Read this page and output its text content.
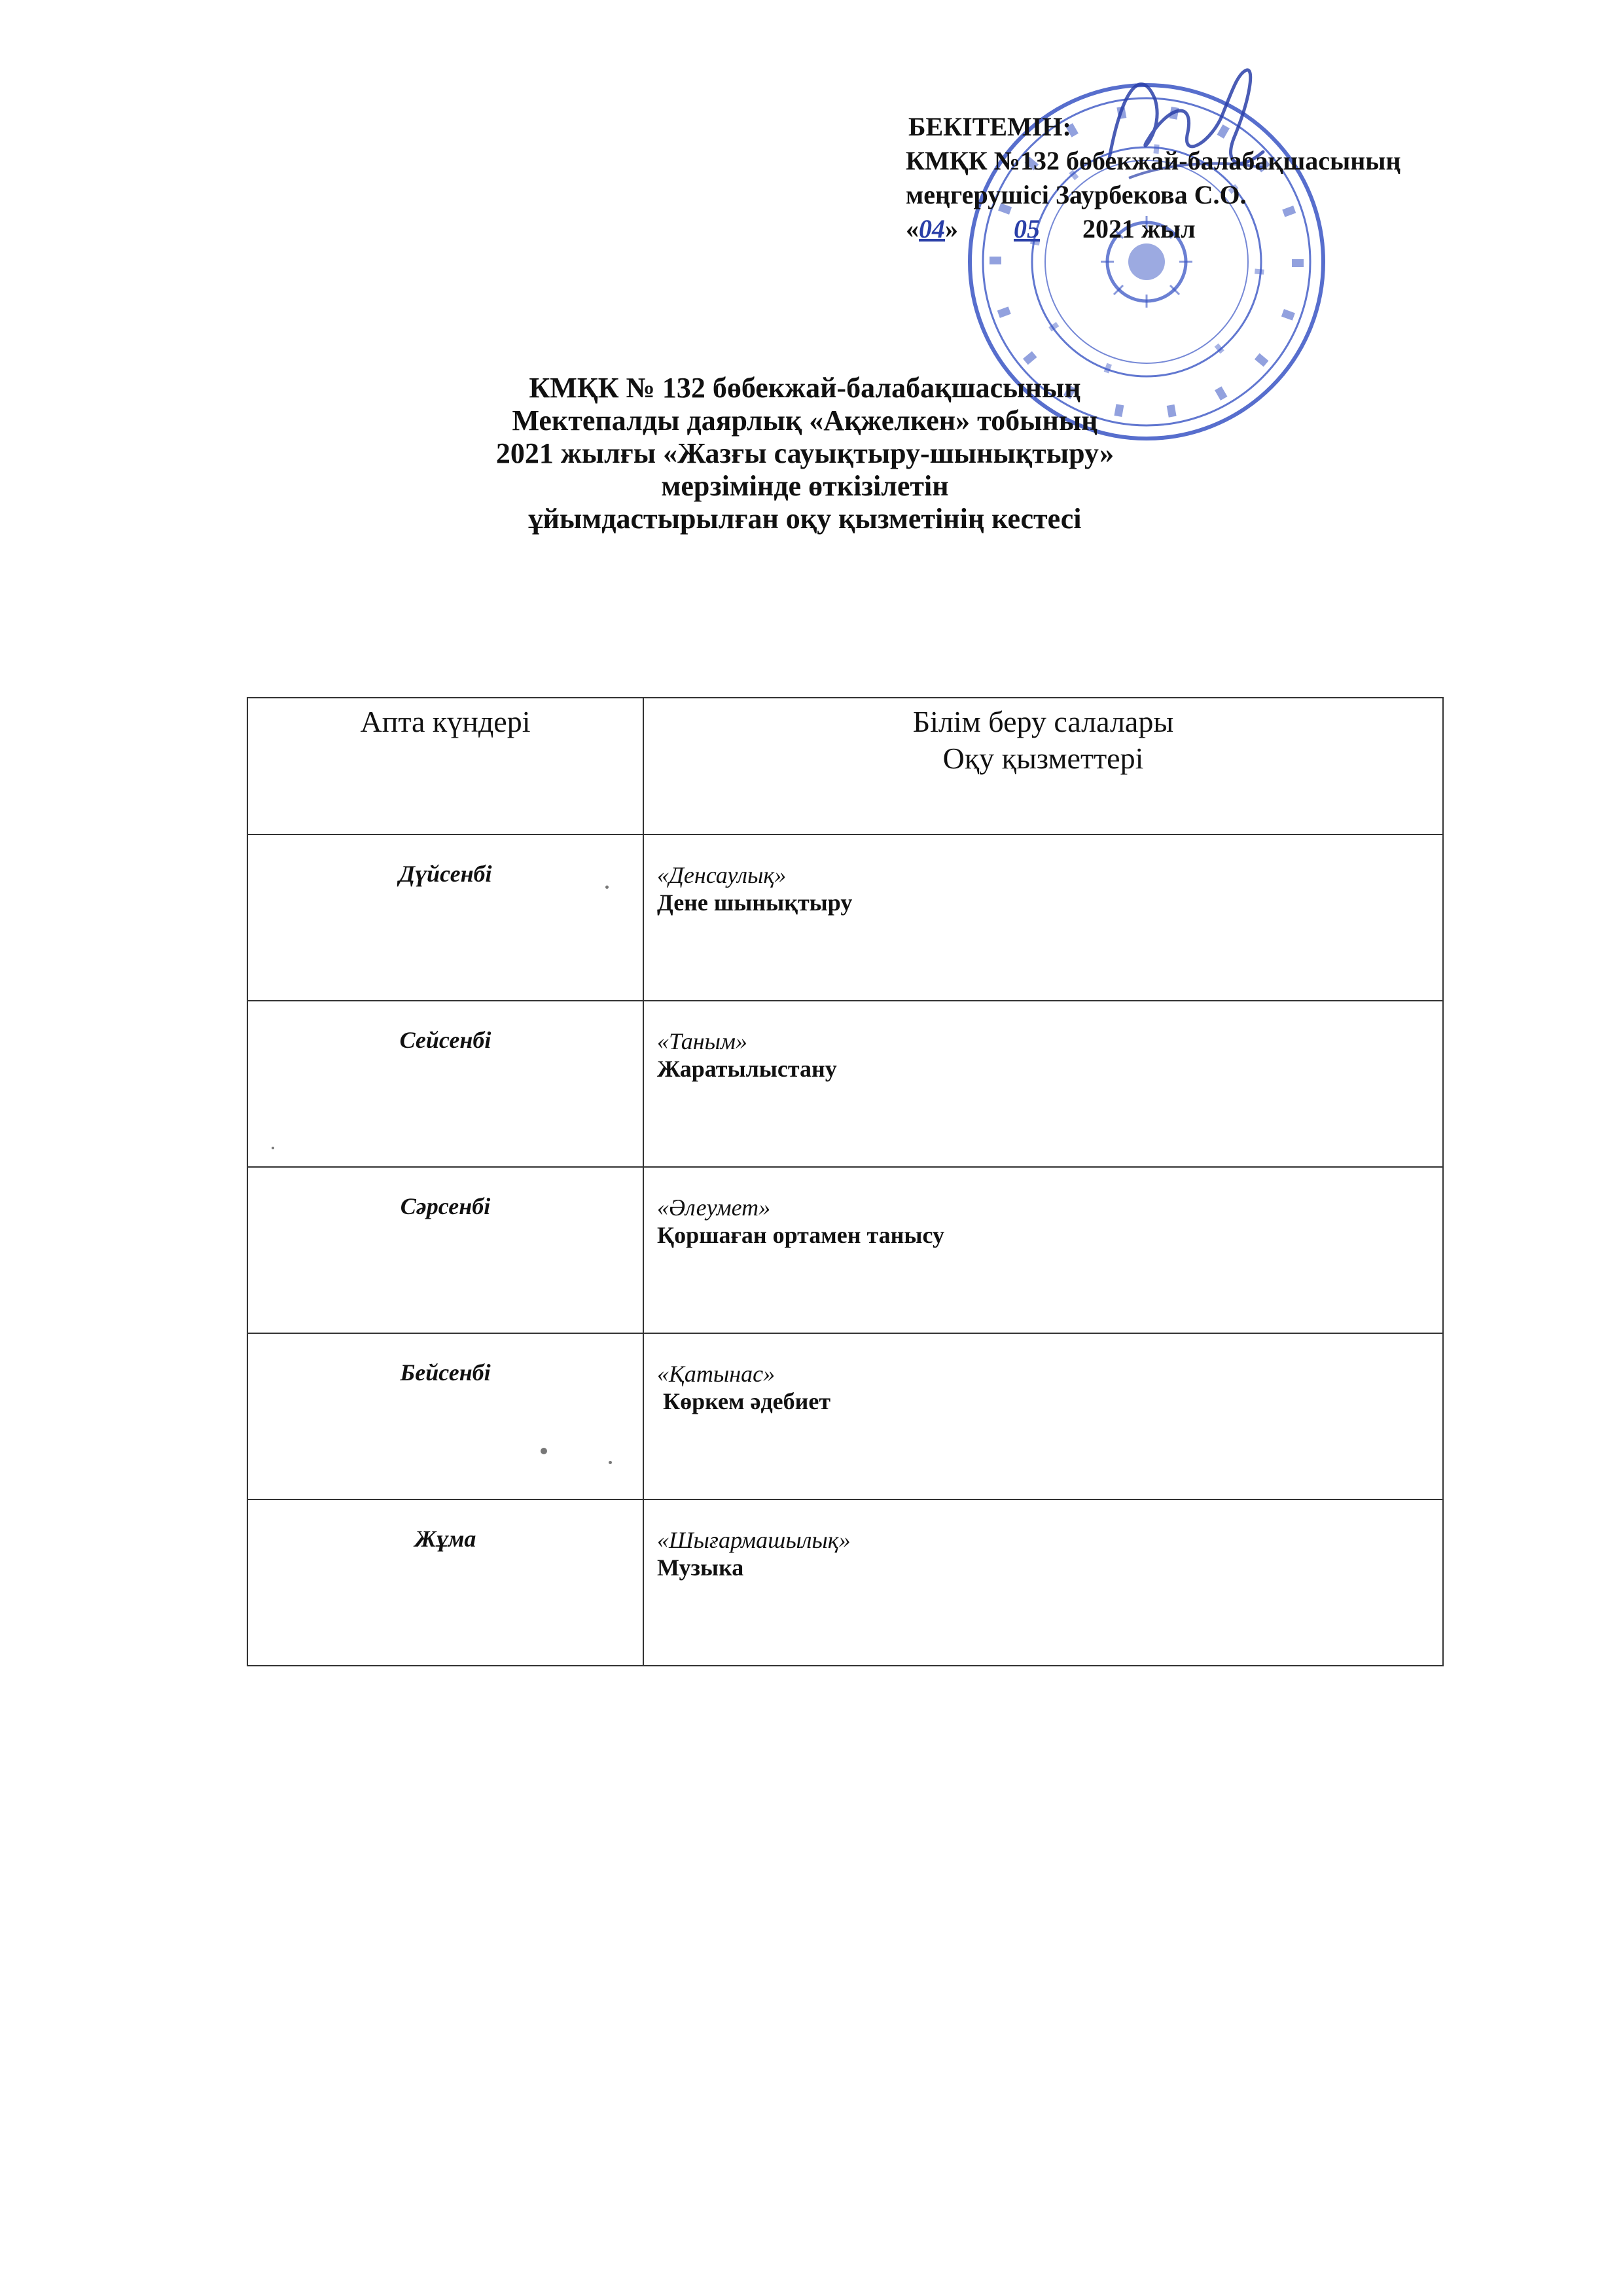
БЕКІТЕМІН:
КМҚК №132 бөбекжай-балабақшасының
меңгерушісі Заурбекова С.О.
«04» 05 2021 жыл
КМҚК № 132 бөбекжай-балабақшасының
Мектепалды даярлық «Ақжелкен» тобының
2021 жылғы «Жазғы сауықтыру-шынықтыру»
мерзімінде өткізілетін
ұйымдастырылған оқу қызметінің кестесі
Апта күндері	Білім беру салалары
Оқу қызметтері

Дүйсенбі	«Денсаулық»
Дене шынықтыру

Сейсенбі	«Таным»
Жаратылыстану

Сәрсенбі	«Әлеумет»
Қоршаған ортамен танысу

Бейсенбі	«Қатынас»
Көркем әдебиет

Жұма	«Шығармашылық»
Музыка
